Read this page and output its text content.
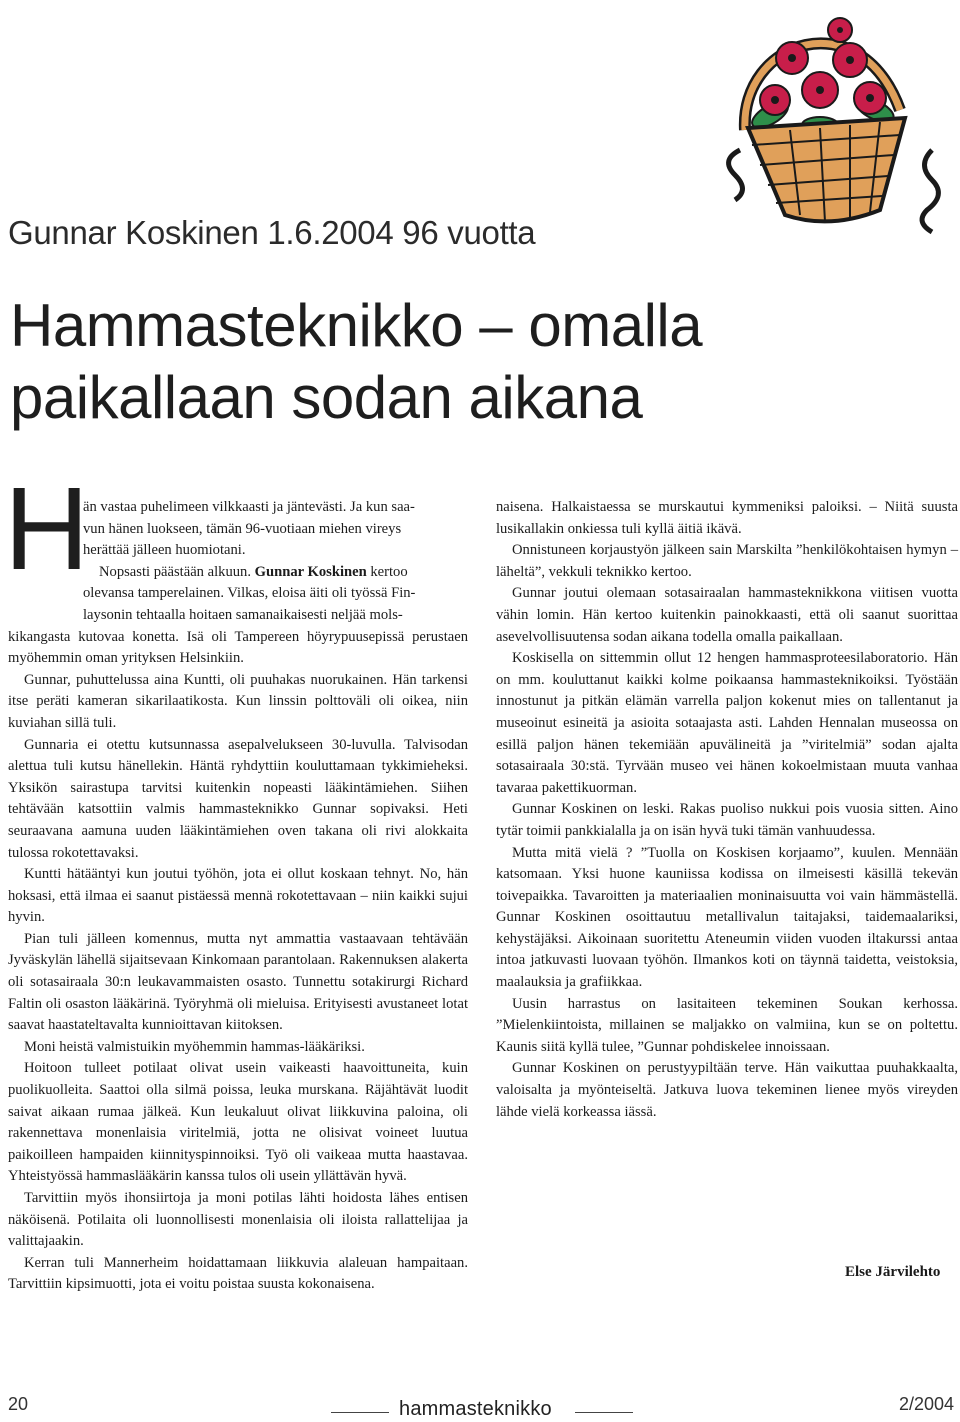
Gunnar Koskinen 1.6.2004 96 vuotta
Hammasteknikko – omalla
paikallaan sodan aikana
H

än vastaa puhelimeen vilkkaasti ja jäntevästi. Ja kun saa-

vun hänen luokseen, tämän 96-vuotiaan miehen vireys

herättää jälleen huomiotani.

Nopsasti päästään alkuun. Gunnar Koskinen kertoo

olevansa tamperelainen. Vilkas, eloisa äiti oli työssä Fin-

laysonin tehtaalla hoitaen samanaikaisesti neljää mols-

kikangasta kutovaa konetta. Isä oli Tampereen höyrypuusepissä perustaen myöhemmin oman yrityksen Helsinkiin.

Gunnar, puhuttelussa aina Kuntti, oli puuhakas nuorukainen. Hän tarkensi itse peräti kameran sikarilaatikosta. Kun linssin polttoväli oli oikea, niin kuviahan sillä tuli.

Gunnaria ei otettu kutsunnassa asepalvelukseen 30-luvulla. Talvisodan alettua tuli kutsu hänellekin. Häntä ryhdyttiin kouluttamaan tykkimieheksi. Yksikön sairastupa tarvitsi kuitenkin nopeasti lääkintämiehen. Siihen tehtävään katsottiin valmis hammasteknikko Gunnar sopivaksi. Heti seuraavana aamuna uuden lääkintämiehen oven takana oli rivi alokkaita tulossa rokotettavaksi.

Kuntti hätääntyi kun joutui työhön, jota ei ollut koskaan tehnyt. No, hän hoksasi, että ilmaa ei saanut pistäessä mennä rokotettavaan – niin kaikki sujui hyvin.

Pian tuli jälleen komennus, mutta nyt ammattia vastaavaan tehtävään Jyväskylän lähellä sijaitsevaan Kinkomaan parantolaan. Rakennuksen alakerta oli sotasairaala 30:n leukavammaisten osasto. Tunnettu sotakirurgi Richard Faltin oli osaston lääkärinä. Työryhmä oli mieluisa. Erityisesti avustaneet lotat saavat haastateltavalta kunnioittavan kiitoksen.

Moni heistä valmistuikin myöhemmin hammas-lääkäriksi.

Hoitoon tulleet potilaat olivat usein vaikeasti haavoittuneita, kuin puolikuolleita. Saattoi olla silmä poissa, leuka murskana. Räjähtävät luodit saivat aikaan rumaa jälkeä. Kun leukaluut olivat liikkuvina paloina, oli rakennettava monenlaisia viritelmiä, jotta ne olisivat voineet luutua paikoilleen hampaiden kiinnityspinnoiksi. Työ oli vaikeaa mutta haastavaa. Yhteistyössä hammaslääkärin kanssa tulos oli usein yllättävän hyvä.

Tarvittiin myös ihonsiirtoja ja moni potilas lähti hoidosta lähes entisen näköisenä. Potilaita oli luonnollisesti monenlaisia oli iloista rallattelijaa ja valittajaakin.

Kerran tuli Mannerheim hoidattamaan liikkuvia alaleuan hampaitaan. Tarvittiin kipsimuotti, jota ei voitu poistaa suusta kokonaisena.

naisena. Halkaistaessa se murskautui kymmeniksi paloiksi. – Niitä suusta lusikallakin onkiessa tuli kyllä äitiä ikävä.

Onnistuneen korjaustyön jälkeen sain Marskilta ”henkilökohtaisen hymyn – läheltä”, vekkuli teknikko kertoo.

Gunnar joutui olemaan sotasairaalan hammasteknikkona viitisen vuotta vähin lomin. Hän kertoo kuitenkin painokkaasti, että oli saanut suorittaa asevelvollisuutensa sodan aikana todella omalla paikallaan.

Koskisella on sittemmin ollut 12 hengen hammasproteesilaboratorio. Hän on mm. kouluttanut kaikki kolme poikaansa hammasteknikoiksi. Työstään innostunut ja pitkän elämän varrella paljon kokenut mies on tallentanut ja museoinut esineitä ja asioita sotaajasta asti. Lahden Hennalan museossa on esillä paljon hänen tekemiään apuvälineitä ja ”viritelmiä” sodan ajalta sotasairaala 30:stä. Tyrvään museo vei hänen kokoelmistaan muuta vanhaa tavaraa pakettikuorman.

Gunnar Koskinen on leski. Rakas puoliso nukkui pois vuosia sitten. Aino tytär toimii pankkialalla ja on isän hyvä tuki tämän vanhuudessa.

Mutta mitä vielä ? ”Tuolla on Koskisen korjaamo”, kuulen. Mennään katsomaan. Yksi huone kauniissa kodissa on ilmeisesti käsillä tekevän toivepaikka. Tavaroitten ja materiaalien moninaisuutta voi vain hämmästellä. Gunnar Koskinen osoittautuu metallivalun taitajaksi, taidemaalariksi, kehystäjäksi. Aikoinaan suoritettu Ateneumin viiden vuoden iltakurssi antaa intoa jatkuvasti luovaan työhön. Ilmankos koti on täynnä taidetta, veistoksia, maalauksia ja grafiikkaa.

Uusin harrastus on lasitaiteen tekeminen Soukan kerhossa. ”Mielenkiintoista, millainen se maljakko on valmiina, kun se on poltettu. Kaunis siitä kyllä tulee, ”Gunnar pohdiskelee innoissaan.

Gunnar Koskinen on perustyypiltään terve. Hän vaikuttaa puuhakkaalta, valoisalta ja myönteiseltä. Jatkuva luova tekeminen lienee myös vireyden lähde vielä korkeassa iässä.

Else Järvilehto
20	hammasteknikko	2/2004
